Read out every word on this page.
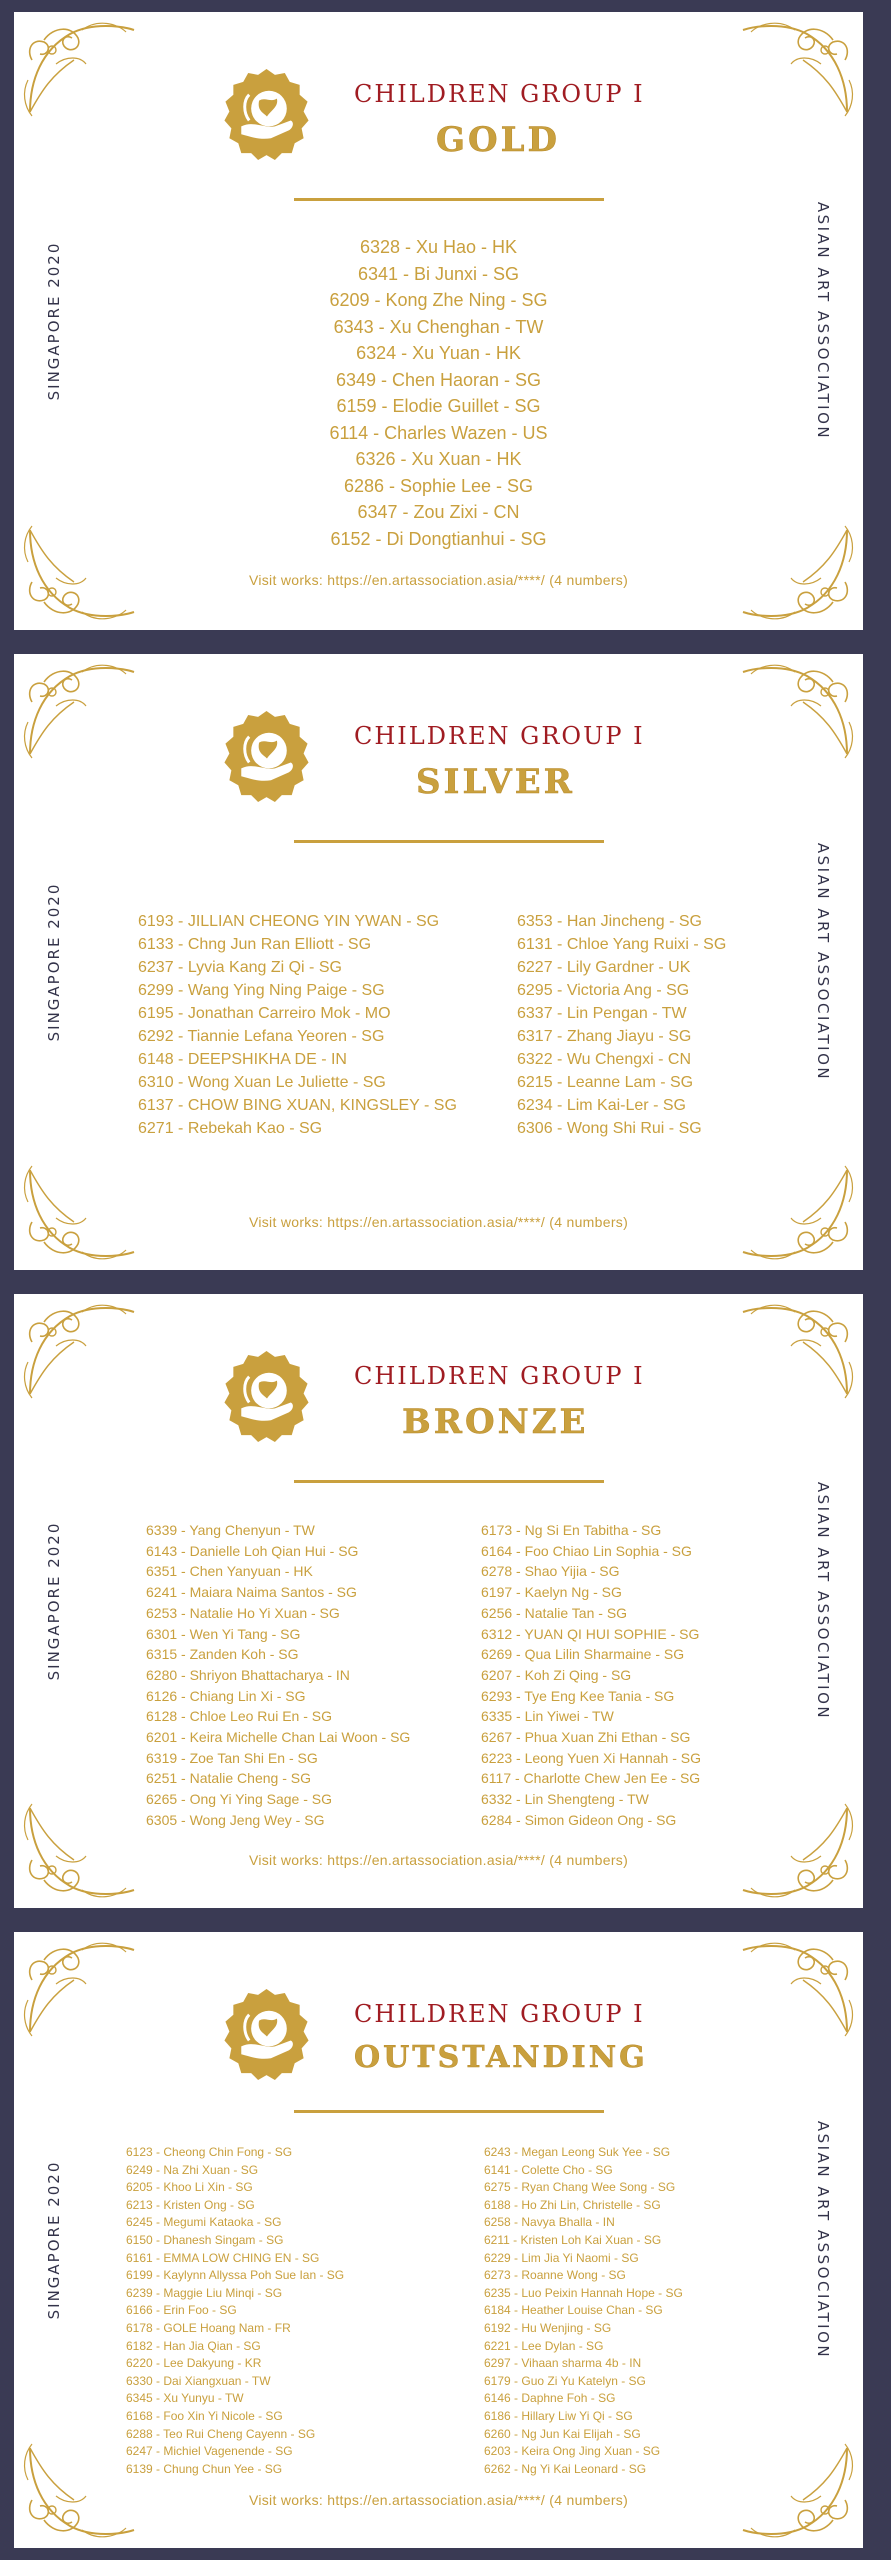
SINGAPORE 2020	ASIAN ART ASSOCIATION
CHILDREN GROUP I
GOLD
6328 - Xu Hao - HK
6341 - Bi Junxi - SG
6209 - Kong Zhe Ning - SG
6343 - Xu Chenghan - TW
6324 - Xu Yuan - HK
6349 - Chen Haoran - SG
6159 - Elodie Guillet - SG
6114 - Charles Wazen - US
6326 - Xu Xuan - HK
6286 - Sophie Lee - SG
6347 - Zou Zixi - CN
6152 - Di Dongtianhui - SG
Visit works: https://en.artassociation.asia/****/ (4 numbers)
SINGAPORE 2020	ASIAN ART ASSOCIATION
CHILDREN GROUP I
SILVER
6193 - JILLIAN CHEONG YIN YWAN - SG
6133 - Chng Jun Ran Elliott - SG
6237 - Lyvia Kang Zi Qi - SG
6299 - Wang Ying Ning Paige - SG
6195 - Jonathan Carreiro Mok - MO
6292 - Tiannie Lefana Yeoren - SG
6148 - DEEPSHIKHA DE - IN
6310 - Wong Xuan Le Juliette - SG
6137 - CHOW BING XUAN, KINGSLEY - SG
6271 - Rebekah Kao - SG
6353 - Han Jincheng - SG
6131 - Chloe Yang Ruixi - SG
6227 - Lily Gardner - UK
6295 - Victoria Ang - SG
6337 - Lin Pengan - TW
6317 - Zhang Jiayu - SG
6322 - Wu Chengxi - CN
6215 - Leanne Lam - SG
6234 - Lim Kai-Ler - SG
6306 - Wong Shi Rui - SG
Visit works: https://en.artassociation.asia/****/ (4 numbers)
SINGAPORE 2020	ASIAN ART ASSOCIATION
CHILDREN GROUP I
BRONZE
6339 - Yang Chenyun - TW
6143 - Danielle Loh Qian Hui - SG
6351 - Chen Yanyuan - HK
6241 - Maiara Naima Santos - SG
6253 - Natalie Ho Yi Xuan - SG
6301 - Wen Yi Tang - SG
6315 - Zanden Koh - SG
6280 - Shriyon Bhattacharya - IN
6126 - Chiang Lin Xi - SG
6128 - Chloe Leo Rui En - SG
6201 - Keira Michelle Chan Lai Woon - SG
6319 - Zoe Tan Shi En - SG
6251 - Natalie Cheng - SG
6265 - Ong Yi Ying Sage - SG
6305 - Wong Jeng Wey - SG
6173 - Ng Si En Tabitha - SG
6164 - Foo Chiao Lin Sophia - SG
6278 - Shao Yijia - SG
6197 - Kaelyn Ng - SG
6256 - Natalie Tan - SG
6312 - YUAN QI HUI SOPHIE - SG
6269 - Qua Lilin Sharmaine - SG
6207 - Koh Zi Qing - SG
6293 - Tye Eng Kee Tania - SG
6335 - Lin Yiwei - TW
6267 - Phua Xuan Zhi Ethan - SG
6223 - Leong Yuen Xi Hannah - SG
6117 - Charlotte Chew Jen Ee - SG
6332 - Lin Shengteng - TW
6284 - Simon Gideon Ong - SG
Visit works: https://en.artassociation.asia/****/ (4 numbers)
SINGAPORE 2020	ASIAN ART ASSOCIATION
CHILDREN GROUP I
OUTSTANDING
6123 - Cheong Chin Fong - SG
6249 - Na Zhi Xuan - SG
6205 - Khoo Li Xin - SG
6213 - Kristen Ong - SG
6245 - Megumi Kataoka - SG
6150 - Dhanesh Singam - SG
6161 - EMMA LOW CHING EN - SG
6199 - Kaylynn Allyssa Poh Sue Ian - SG
6239 - Maggie Liu Minqi - SG
6166 - Erin Foo - SG
6178 - GOLE Hoang Nam - FR
6182 - Han Jia Qian - SG
6220 - Lee Dakyung - KR
6330 - Dai Xiangxuan - TW
6345 - Xu Yunyu - TW
6168 - Foo Xin Yi Nicole - SG
6288 - Teo Rui Cheng Cayenn - SG
6247 - Michiel Vagenende - SG
6139 - Chung Chun Yee - SG
6243 - Megan Leong Suk Yee - SG
6141 - Colette Cho - SG
6275 - Ryan Chang Wee Song - SG
6188 - Ho Zhi Lin, Christelle - SG
6258 - Navya Bhalla - IN
6211 - Kristen Loh Kai Xuan - SG
6229 - Lim Jia Yi Naomi - SG
6273 - Roanne Wong - SG
6235 - Luo Peixin Hannah Hope - SG
6184 - Heather Louise Chan - SG
6192 - Hu Wenjing - SG
6221 - Lee Dylan - SG
6297 - Vihaan sharma 4b - IN
6179 - Guo Zi Yu Katelyn - SG
6146 - Daphne Foh - SG
6186 - Hillary Liw Yi Qi - SG
6260 - Ng Jun Kai Elijah - SG
6203 - Keira Ong Jing Xuan - SG
6262 - Ng Yi Kai Leonard - SG
Visit works: https://en.artassociation.asia/****/ (4 numbers)
